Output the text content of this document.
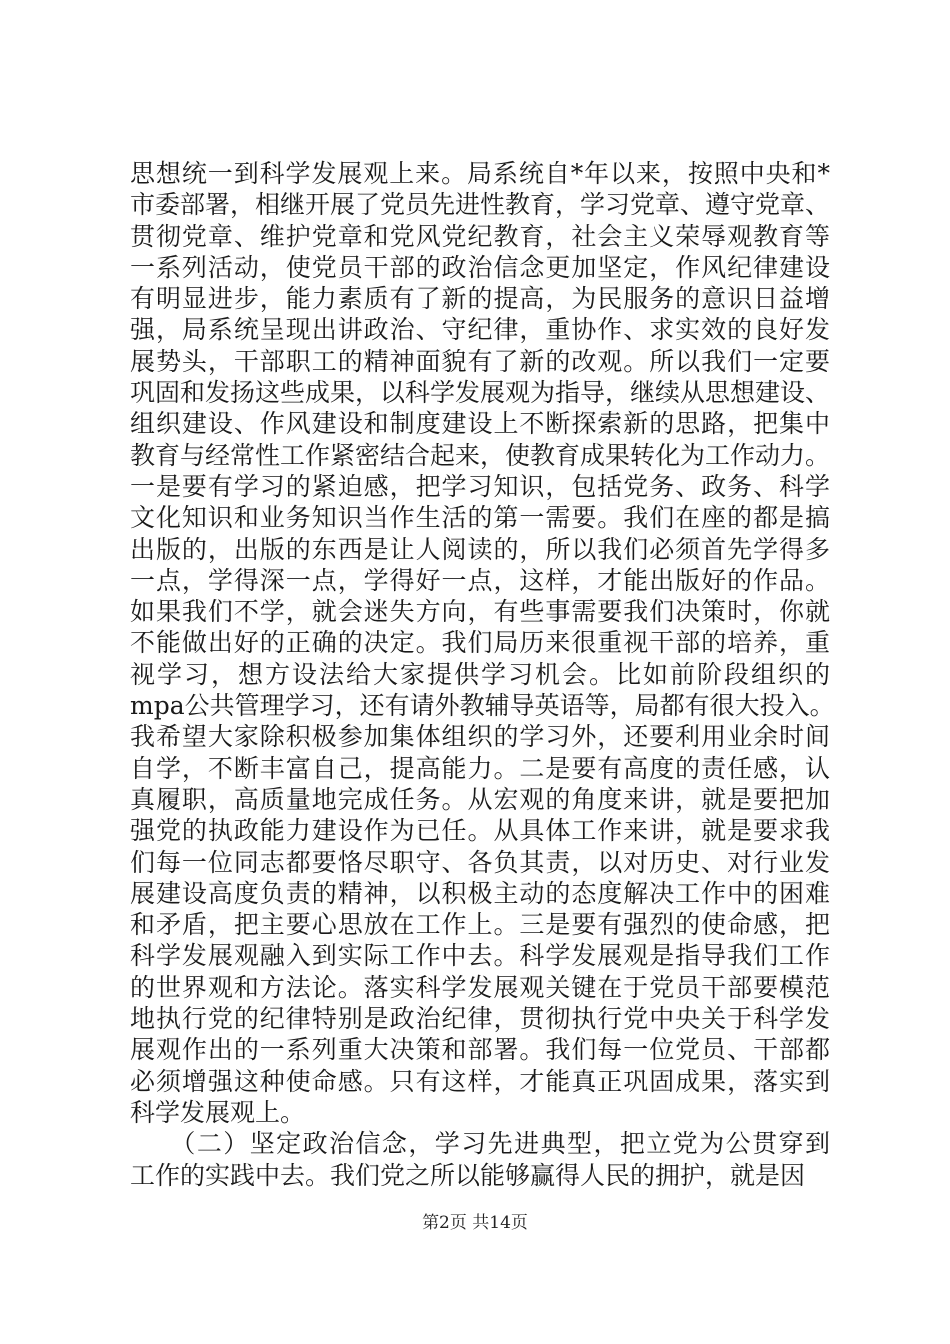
思想统一到科学发展观上来。局系统自*年以来，按照中央和*
市委部署，相继开展了党员先进性教育，学习党章、遵守党章、
贯彻党章、维护党章和党风党纪教育，社会主义荣辱观教育等
一系列活动，使党员干部的政治信念更加坚定，作风纪律建设
有明显进步，能力素质有了新的提高，为民服务的意识日益增
强，局系统呈现出讲政治、守纪律，重协作、求实效的良好发
展势头，干部职工的精神面貌有了新的改观。所以我们一定要
巩固和发扬这些成果，以科学发展观为指导，继续从思想建设、
组织建设、作风建设和制度建设上不断探索新的思路，把集中
教育与经常性工作紧密结合起来，使教育成果转化为工作动力。
一是要有学习的紧迫感，把学习知识，包括党务、政务、科学
文化知识和业务知识当作生活的第一需要。我们在座的都是搞
出版的，出版的东西是让人阅读的，所以我们必须首先学得多
一点，学得深一点，学得好一点，这样，才能出版好的作品。
如果我们不学，就会迷失方向，有些事需要我们决策时，你就
不能做出好的正确的决定。我们局历来很重视干部的培养，重
视学习，想方设法给大家提供学习机会。比如前阶段组织的
mpa公共管理学习，还有请外教辅导英语等，局都有很大投入。
我希望大家除积极参加集体组织的学习外，还要利用业余时间
自学，不断丰富自己，提高能力。二是要有高度的责任感，认
真履职，高质量地完成任务。从宏观的角度来讲，就是要把加
强党的执政能力建设作为已任。从具体工作来讲，就是要求我
们每一位同志都要恪尽职守、各负其责，以对历史、对行业发
展建设高度负责的精神，以积极主动的态度解决工作中的困难
和矛盾，把主要心思放在工作上。三是要有强烈的使命感，把
科学发展观融入到实际工作中去。科学发展观是指导我们工作
的世界观和方法论。落实科学发展观关键在于党员干部要模范
地执行党的纪律特别是政治纪律，贯彻执行党中央关于科学发
展观作出的一系列重大决策和部署。我们每一位党员、干部都
必须增强这种使命感。只有这样，才能真正巩固成果，落实到
科学发展观上。
　　（二）坚定政治信念，学习先进典型，把立党为公贯穿到
工作的实践中去。我们党之所以能够赢得人民的拥护，就是因
第2页 共14页
